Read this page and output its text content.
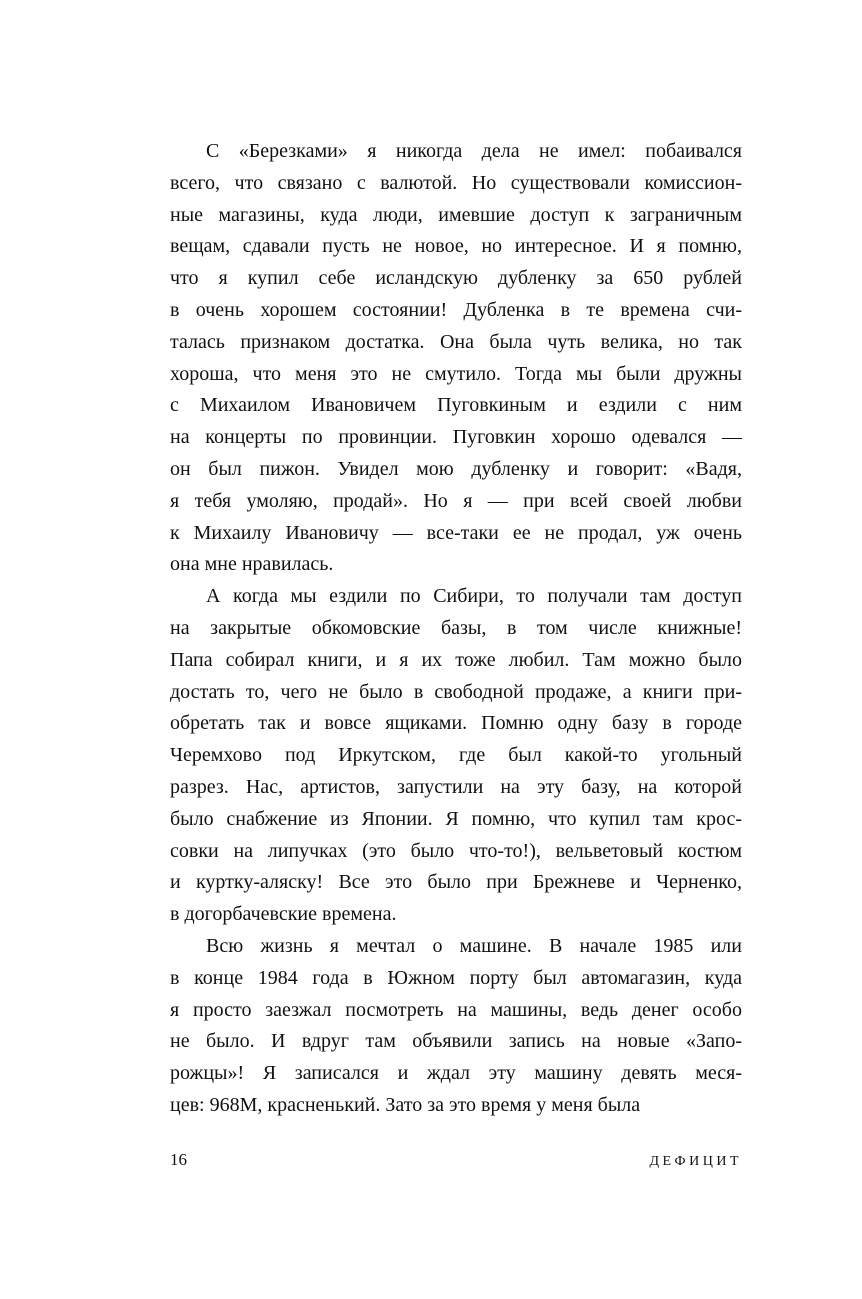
С «Березками» я никогда дела не имел: побаивался
всего, что связано с валютой. Но существовали комиссион-
ные магазины, куда люди, имевшие доступ к заграничным
вещам, сдавали пусть не новое, но интересное. И я помню,
что я купил себе исландскую дубленку за 650 рублей
в очень хорошем состоянии! Дубленка в те времена счи-
талась признаком достатка. Она была чуть велика, но так
хороша, что меня это не смутило. Тогда мы были дружны
с Михаилом Ивановичем Пуговкиным и ездили с ним
на концерты по провинции. Пуговкин хорошо одевался —
он был пижон. Увидел мою дубленку и говорит: «Вадя,
я тебя умоляю, продай». Но я — при всей своей любви
к Михаилу Ивановичу — все-таки ее не продал, уж очень
она мне нравилась.
А когда мы ездили по Сибири, то получали там доступ
на закрытые обкомовские базы, в том числе книжные!
Папа собирал книги, и я их тоже любил. Там можно было
достать то, чего не было в свободной продаже, а книги при-
обретать так и вовсе ящиками. Помню одну базу в городе
Черемхово под Иркутском, где был какой-то угольный
разрез. Нас, артистов, запустили на эту базу, на которой
было снабжение из Японии. Я помню, что купил там крос-
совки на липучках (это было что-то!), вельветовый костюм
и куртку-аляску! Все это было при Брежневе и Черненко,
в догорбачевские времена.
Всю жизнь я мечтал о машине. В начале 1985 или
в конце 1984 года в Южном порту был автомагазин, куда
я просто заезжал посмотреть на машины, ведь денег особо
не было. И вдруг там объявили запись на новые «Запо-
рожцы»! Я записался и ждал эту машину девять меся-
цев: 968М, красненький. Зато за это время у меня была
16	ДЕФИЦИТ
